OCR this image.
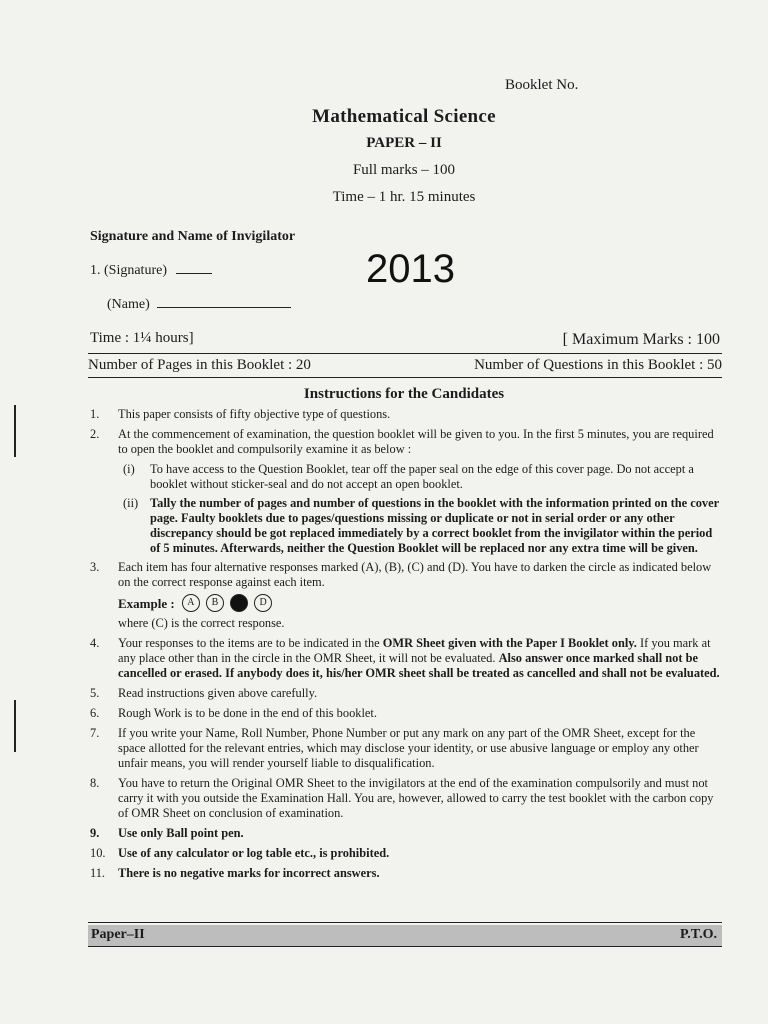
Booklet No.
Mathematical Science
PAPER – II
Full marks – 100
Time – 1 hr. 15 minutes
Signature and Name of Invigilator
1. (Signature)
(Name)
2013
Time : 1¼ hours]	[ Maximum Marks : 100
Number of Pages in this Booklet : 20	Number of Questions in this Booklet : 50
Instructions for the Candidates
1. This paper consists of fifty objective type of questions.
2. At the commencement of examination, the question booklet will be given to you. In the first 5 minutes, you are required to open the booklet and compulsorily examine it as below :
(i) To have access to the Question Booklet, tear off the paper seal on the edge of this cover page. Do not accept a booklet without sticker-seal and do not accept an open booklet.
(ii) Tally the number of pages and number of questions in the booklet with the information printed on the cover page. Faulty booklets due to pages/questions missing or duplicate or not in serial order or any other discrepancy should be got replaced immediately by a correct booklet from the invigilator within the period of 5 minutes. Afterwards, neither the Question Booklet will be replaced nor any extra time will be given.
3. Each item has four alternative responses marked (A), (B), (C) and (D). You have to darken the circle as indicated below on the correct response against each item.
Example : A B C D
where (C) is the correct response.
4. Your responses to the items are to be indicated in the OMR Sheet given with the Paper I Booklet only. If you mark at any place other than in the circle in the OMR Sheet, it will not be evaluated. Also answer once marked shall not be cancelled or erased. If anybody does it, his/her OMR sheet shall be treated as cancelled and shall not be evaluated.
5. Read instructions given above carefully.
6. Rough Work is to be done in the end of this booklet.
7. If you write your Name, Roll Number, Phone Number or put any mark on any part of the OMR Sheet, except for the space allotted for the relevant entries, which may disclose your identity, or use abusive language or employ any other unfair means, you will render yourself liable to disqualification.
8. You have to return the Original OMR Sheet to the invigilators at the end of the examination compulsorily and must not carry it with you outside the Examination Hall. You are, however, allowed to carry the test booklet with the carbon copy of OMR Sheet on conclusion of examination.
9. Use only Ball point pen.
10. Use of any calculator or log table etc., is prohibited.
11. There is no negative marks for incorrect answers.
Paper–II	P.T.O.
